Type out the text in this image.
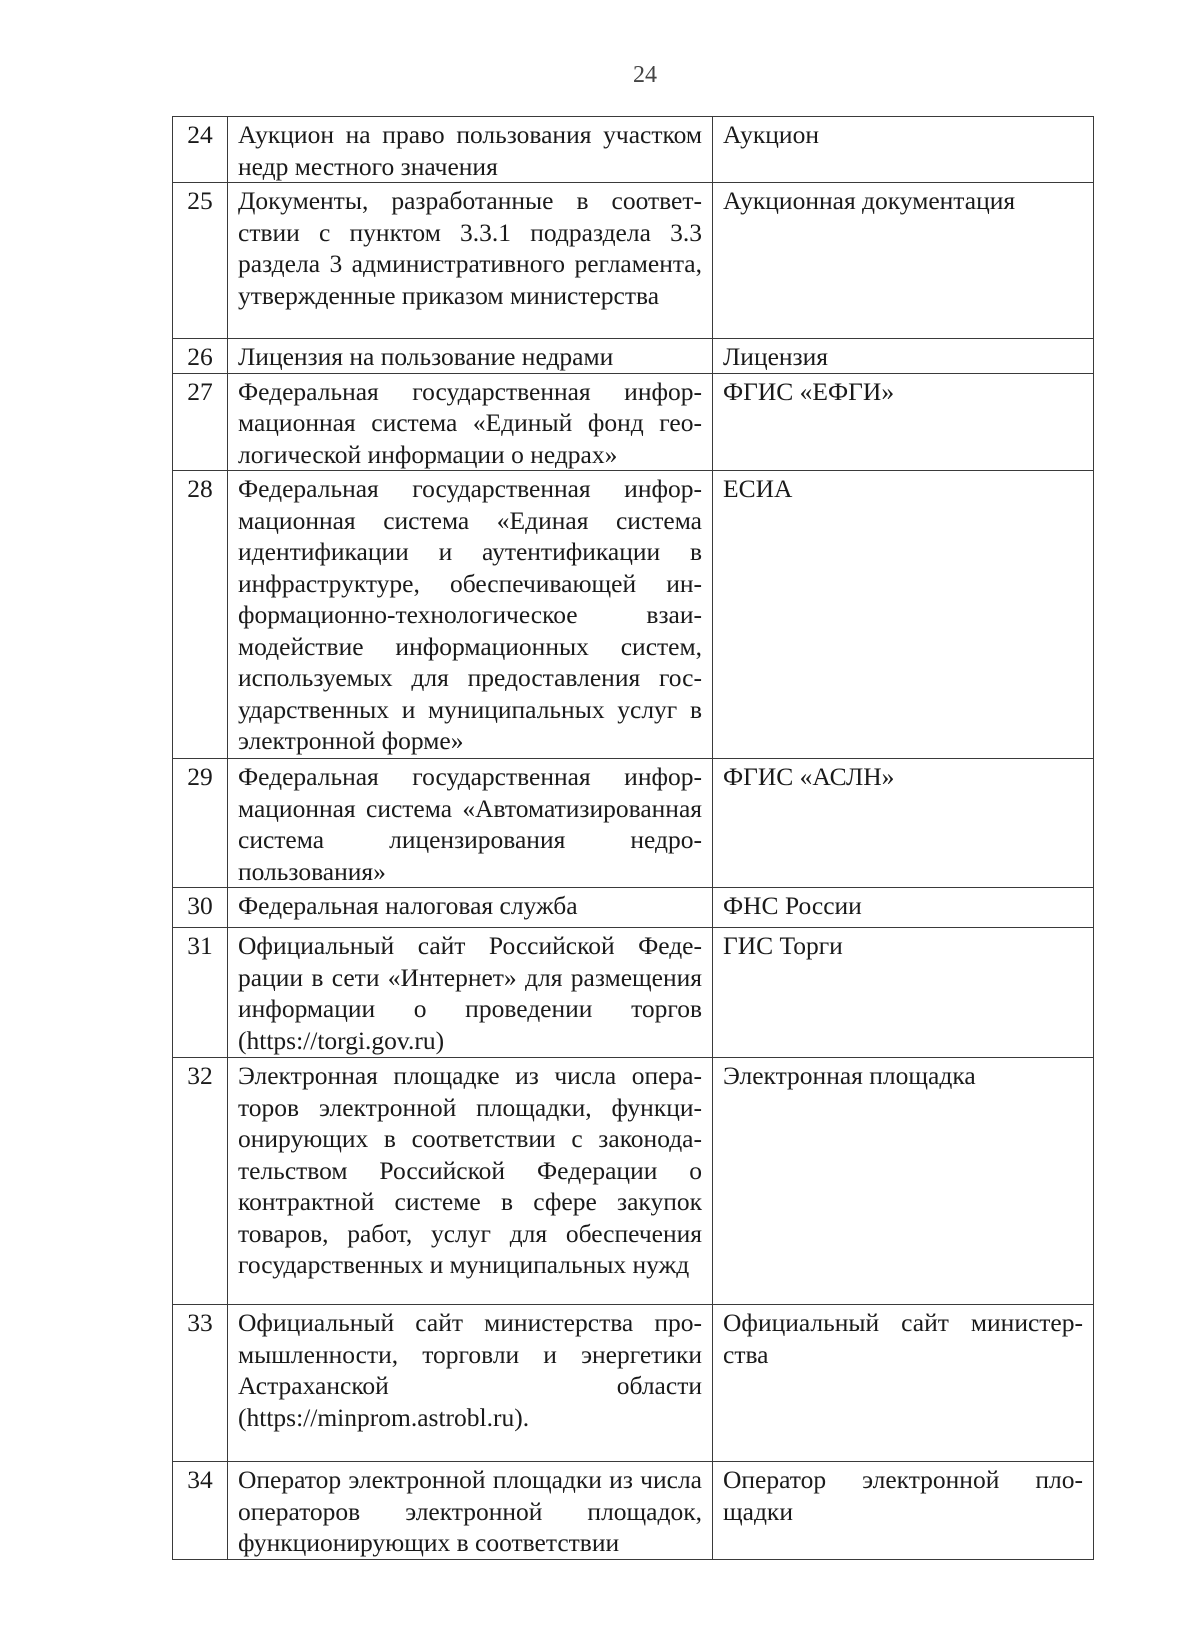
24
24	Аукцион на право пользования участком недр местного значения	Аукцион
25	Документы, разработанные в соответствии с пунктом 3.3.1 подраздела 3.3 раздела 3 административного регламента, утвержденные приказом министерства	Аукционная документация
26	Лицензия на пользование недрами	Лицензия
27	Федеральная государственная информационная система «Единый фонд геологической информации о недрах»	ФГИС «ЕФГИ»
28	Федеральная государственная информационная система «Единая система идентификации и аутентификации в инфраструктуре, обеспечивающей информационно-технологическое взаимодействие информационных систем, используемых для предоставления государственных и муниципальных услуг в электронной форме»	ЕСИА
29	Федеральная государственная информационная система «Автоматизированная система лицензирования недропользования»	ФГИС «АСЛН»
30	Федеральная налоговая служба	ФНС России
31	Официальный сайт Российской Федерации в сети «Интернет» для размещения информации о проведении торгов (https://torgi.gov.ru)	ГИС Торги
32	Электронная площадке из числа операторов электронной площадки, функционирующих в соответствии с законодательством Российской Федерации о контрактной системе в сфере закупок товаров, работ, услуг для обеспечения государственных и муниципальных нужд	Электронная площадка
33	Официальный сайт министерства промышленности, торговли и энергетики Астраханской области (https://minprom.astrobl.ru).	Официальный сайт министерства
34	Оператор электронной площадки из числа операторов электронной площадок, функционирующих в соответствии	Оператор электронной площадки
